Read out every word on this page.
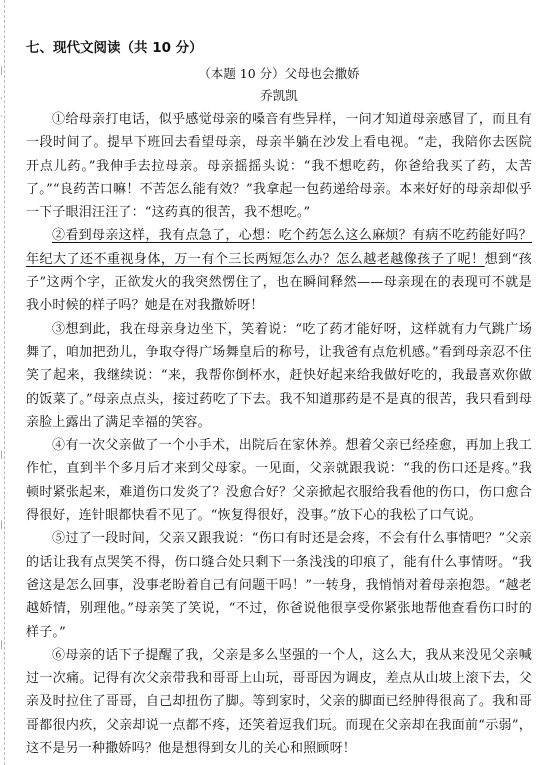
|
·
·
|
|
|
七、现代文阅读（共 10 分）

（本题 10 分）父母也会撒娇

乔凯凯

①给母亲打电话，似乎感觉母亲的嗓音有些异样，一问才知道母亲感冒了，而且有一段时间了。提早下班回去看望母亲，母亲半躺在沙发上看电视。“走，我陪你去医院开点儿药。”我伸手去拉母亲。母亲摇摇头说：“我不想吃药，你爸给我买了药，太苦了。”“良药苦口嘛！不苦怎么能有效？”我拿起一包药递给母亲。本来好好的母亲却似乎一下子眼泪汪汪了：“这药真的很苦，我不想吃。”

②看到母亲这样，我有点急了，心想：吃个药怎么这么麻烦？有病不吃药能好吗？年纪大了还不重视身体，万一有个三长两短怎么办？怎么越老越像孩子了呢！想到“孩子”这两个字，正欲发火的我突然愣住了，也在瞬间释然——母亲现在的表现可不就是我小时候的样子吗？她是在对我撒娇呀！

③想到此，我在母亲身边坐下，笑着说：“吃了药才能好呀，这样就有力气跳广场舞了，咱加把劲儿，争取夺得广场舞皇后的称号，让我爸有点危机感。”看到母亲忍不住笑了起来，我继续说：“来，我帮你倒杯水，赶快好起来给我做好吃的，我最喜欢你做的饭菜了。”母亲点点头，接过药吃了下去。我不知道那药是不是真的很苦，我只看到母亲脸上露出了满足幸福的笑容。

④有一次父亲做了一个小手术，出院后在家休养。想着父亲已经痊愈，再加上我工作忙，直到半个多月后才来到父母家。一见面，父亲就跟我说：“我的伤口还是疼。”我顿时紧张起来，难道伤口发炎了？没愈合好？父亲掀起衣服给我看他的伤口，伤口愈合得很好，连针眼都快看不见了。“恢复得很好，没事。”放下心的我松了口气说。

⑤过了一段时间，父亲又跟我说：“伤口有时还是会疼，不会有什么事情吧？”父亲的话让我有点哭笑不得，伤口缝合处只剩下一条浅浅的印痕了，能有什么事情呀。“我爸这是怎么回事，没事老盼着自己有问题干吗！”一转身，我悄悄对着母亲抱怨。“越老越娇情，别理他。”母亲笑了笑说，“不过，你爸说他很享受你紧张地帮他查看伤口时的样子。”

⑥母亲的话下子提醒了我，父亲是多么坚强的一个人，这么大，我从来没见父亲喊过一次痛。记得有次父亲带我和哥哥上山玩，哥哥因为调皮，差点从山坡上滚下去，父亲及时拉住了哥哥，自己却扭伤了脚。等到家时，父亲的脚面已经肿得很高了。我和哥哥都很内疚，父亲却说一点都不疼，还笑着逗我们玩。而现在父亲却在我面前“示弱”，这不是另一种撒娇吗？他是想得到女儿的关心和照顾呀！
